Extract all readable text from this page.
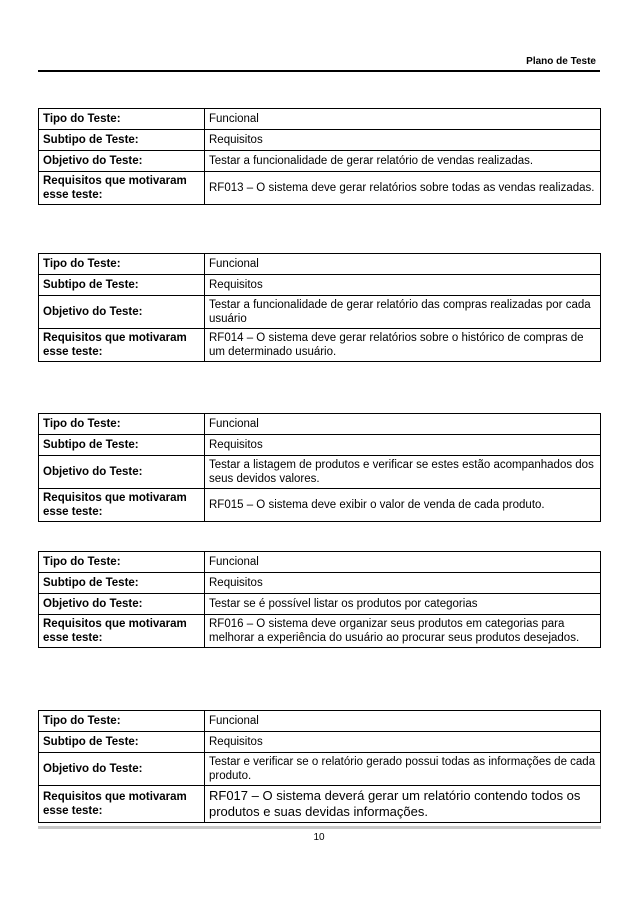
Plano de Teste
Tipo do Teste:	Funcional
Subtipo de Teste:	Requisitos
Objetivo do Teste:	Testar a funcionalidade de gerar relatório de vendas realizadas.
Requisitos que motivaram esse teste:	RF013 – O sistema deve gerar relatórios sobre todas as vendas realizadas.
Tipo do Teste:	Funcional
Subtipo de Teste:	Requisitos
Objetivo do Teste:	Testar a funcionalidade de gerar relatório das compras realizadas por cada usuário
Requisitos que motivaram esse teste:	RF014 – O sistema deve gerar relatórios sobre o histórico de compras de um determinado usuário.
Tipo do Teste:	Funcional
Subtipo de Teste:	Requisitos
Objetivo do Teste:	Testar a listagem de produtos e verificar se estes estão acompanhados dos seus devidos valores.
Requisitos que motivaram esse teste:	RF015 – O sistema deve exibir o valor de venda de cada produto.
Tipo do Teste:	Funcional
Subtipo de Teste:	Requisitos
Objetivo do Teste:	Testar se é possível listar os produtos por categorias
Requisitos que motivaram esse teste:	RF016 – O sistema deve organizar seus produtos em categorias para melhorar a experiência do usuário ao procurar seus produtos desejados.
Tipo do Teste:	Funcional
Subtipo de Teste:	Requisitos
Objetivo do Teste:	Testar e verificar se o relatório gerado possui todas as informações de cada produto.
Requisitos que motivaram esse teste:	RF017 – O sistema deverá gerar um relatório contendo todos os produtos e suas devidas informações.
10
